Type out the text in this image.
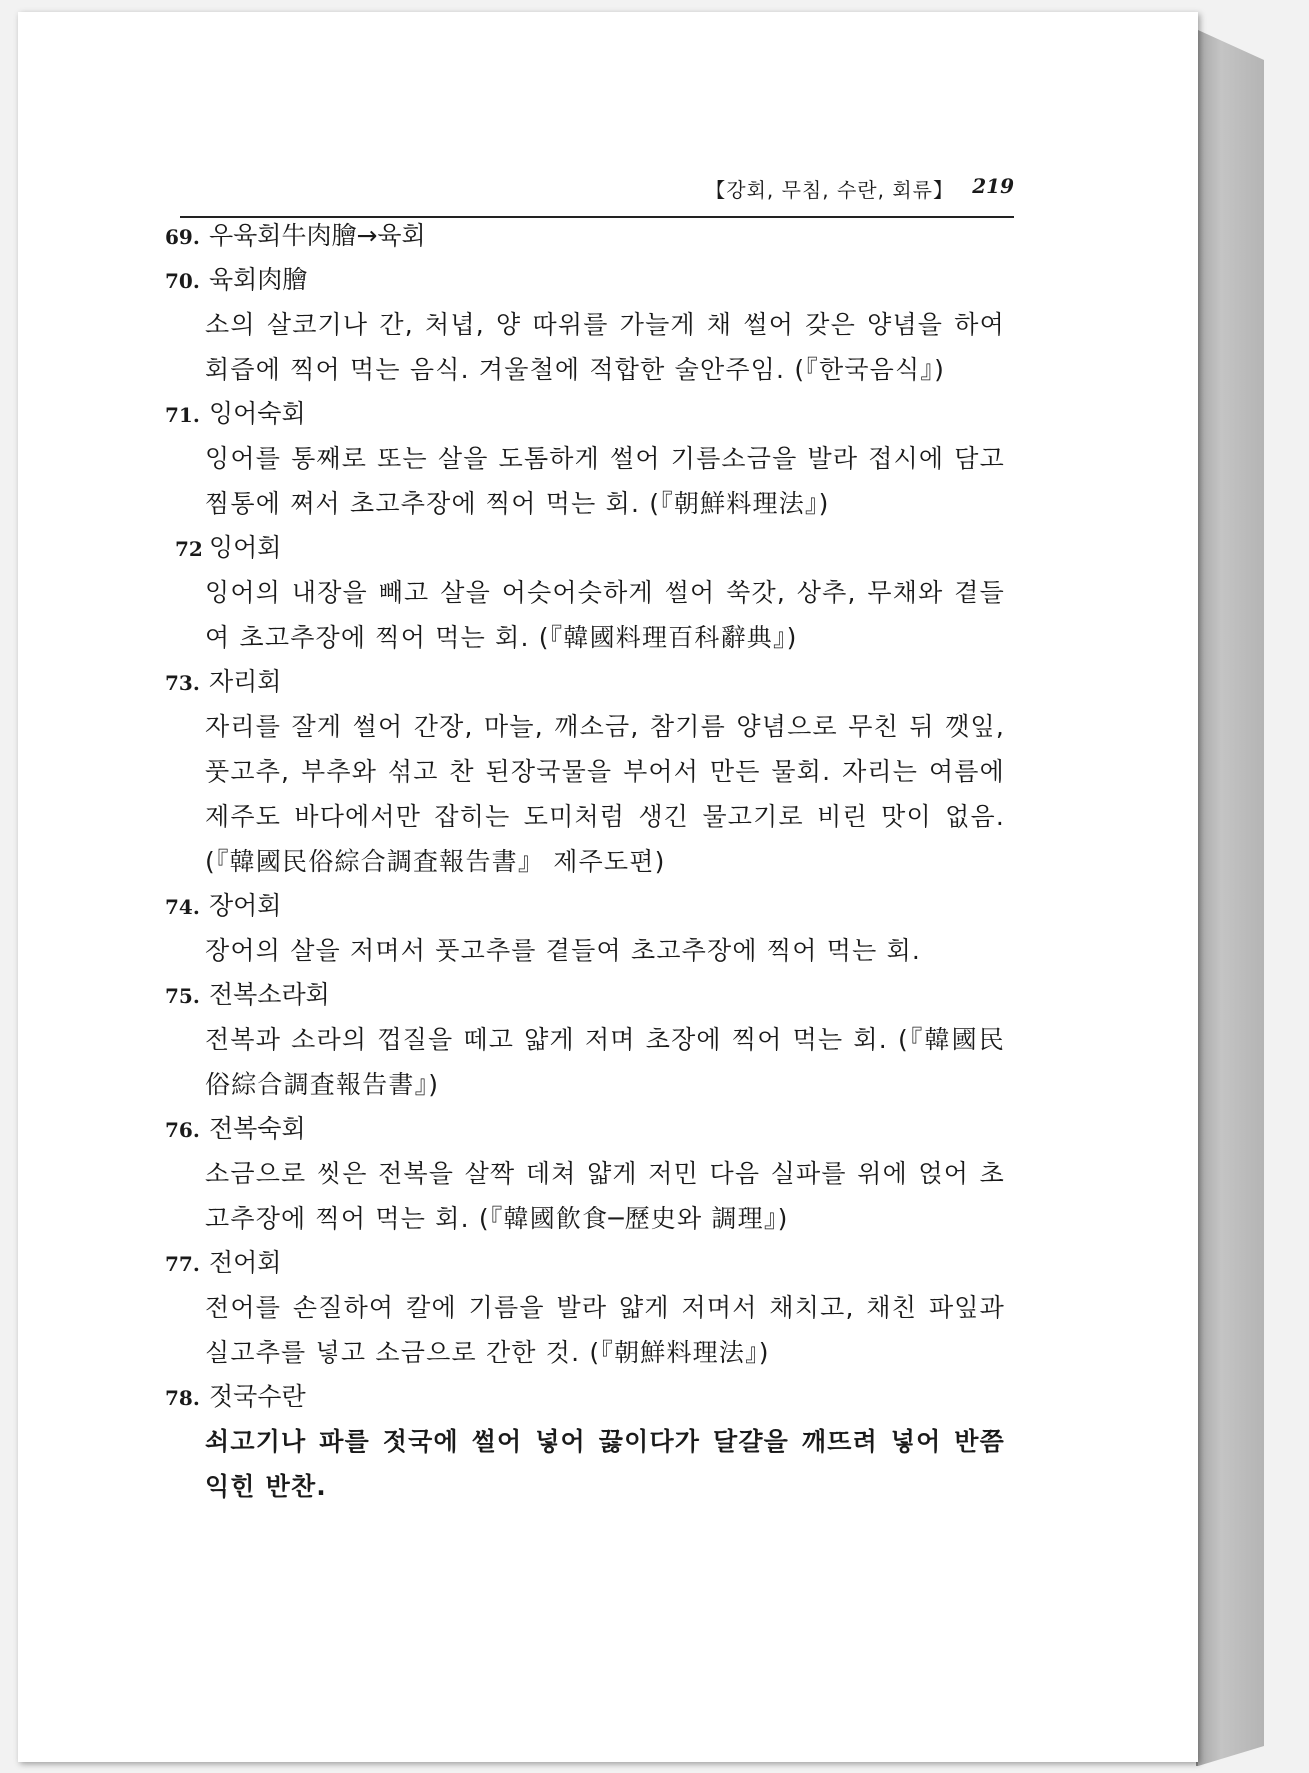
【강회, 무침, 수란, 회류】 219
69. 우육회牛肉膾→육회
70. 육회肉膾
소의 살코기나 간, 처녑, 양 따위를 가늘게 채 썰어 갖은 양념을 하여 회즙에 찍어 먹는 음식. 겨울철에 적합한 술안주임. (『한국음식』)
71. 잉어숙회
잉어를 통째로 또는 살을 도톰하게 썰어 기름소금을 발라 접시에 담고 찜통에 쪄서 초고추장에 찍어 먹는 회. (『朝鮮料理法』)
72 잉어회
잉어의 내장을 빼고 살을 어슷어슷하게 썰어 쑥갓, 상추, 무채와 곁들여 초고추장에 찍어 먹는 회. (『韓國料理百科辭典』)
73. 자리회
자리를 잘게 썰어 간장, 마늘, 깨소금, 참기름 양념으로 무친 뒤 깻잎, 풋고추, 부추와 섞고 찬 된장국물을 부어서 만든 물회. 자리는 여름에 제주도 바다에서만 잡히는 도미처럼 생긴 물고기로 비린 맛이 없음. (『韓國民俗綜合調査報告書』 제주도편)
74. 장어회
장어의 살을 저며서 풋고추를 곁들여 초고추장에 찍어 먹는 회.
75. 전복소라회
전복과 소라의 껍질을 떼고 얇게 저며 초장에 찍어 먹는 회. (『韓國民俗綜合調査報告書』)
76. 전복숙회
소금으로 씻은 전복을 살짝 데쳐 얇게 저민 다음 실파를 위에 얹어 초고추장에 찍어 먹는 회. (『韓國飮食─歷史와 調理』)
77. 전어회
전어를 손질하여 칼에 기름을 발라 얇게 저며서 채치고, 채친 파잎과 실고추를 넣고 소금으로 간한 것. (『朝鮮料理法』)
78. 젓국수란
쇠고기나 파를 젓국에 썰어 넣어 끓이다가 달걀을 깨뜨려 넣어 반쯤 익힌 반찬.
